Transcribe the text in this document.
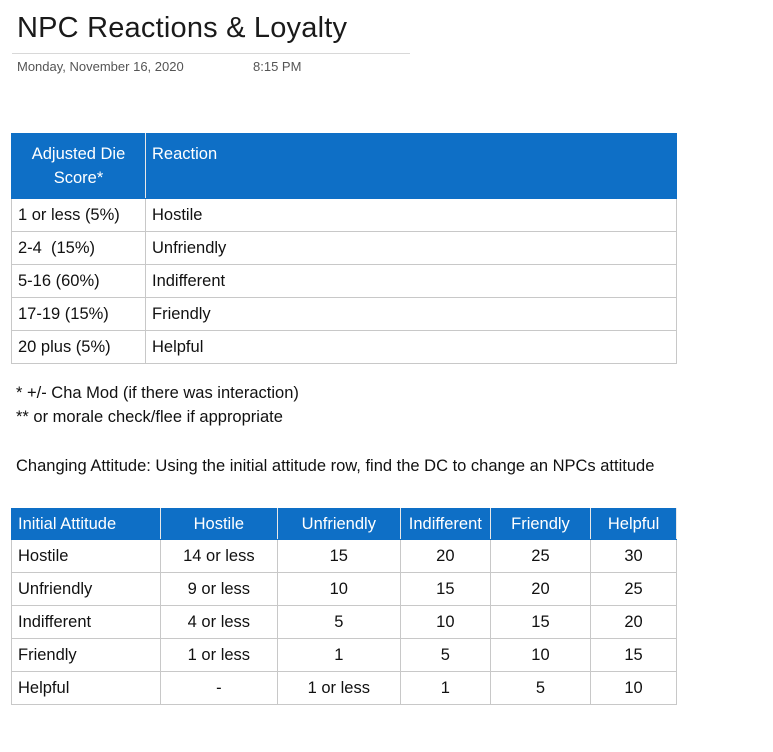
NPC Reactions & Loyalty
Monday, November 16, 2020	8:15 PM
Adjusted Die
Score*	Reaction
1 or less (5%)	Hostile
2-4  (15%)	Unfriendly
5-16 (60%)	Indifferent
17-19 (15%)	Friendly
20 plus (5%)	Helpful
* +/- Cha Mod (if there was interaction)
** or morale check/flee if appropriate
Changing Attitude: Using the initial attitude row, find the DC to change an NPCs attitude
Initial Attitude	Hostile	Unfriendly	Indifferent	Friendly	Helpful
Hostile	14 or less	15	20	25	30
Unfriendly	9 or less	10	15	20	25
Indifferent	4 or less	5	10	15	20
Friendly	1 or less	1	5	10	15
Helpful	-	1 or less	1	5	10
